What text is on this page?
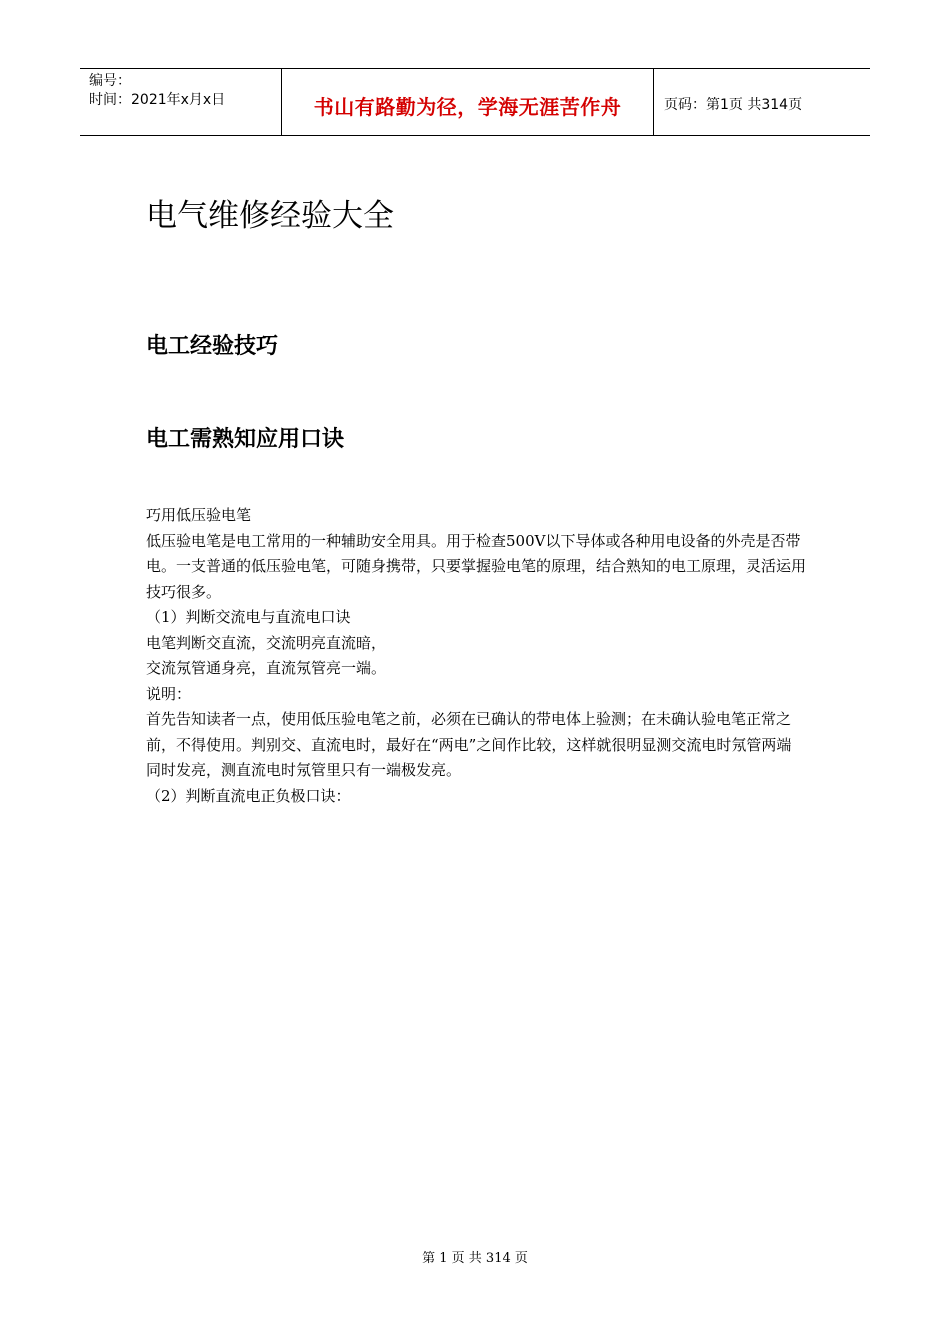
编号：
时间：2021年x月x日	书山有路勤为径，学海无涯苦作舟	页码：第1页 共314页
电气维修经验大全
电工经验技巧
电工需熟知应用口诀

巧用低压验电笔

低压验电笔是电工常用的一种辅助安全用具。用于检查500V以下导体或各种用电设备的外壳是否带电。一支普通的低压验电笔，可随身携带，只要掌握验电笔的原理，结合熟知的电工原理，灵活运用技巧很多。

（1）判断交流电与直流电口诀

电笔判断交直流，交流明亮直流暗，

交流氖管通身亮，直流氖管亮一端。

说明：

首先告知读者一点，使用低压验电笔之前，必须在已确认的带电体上验测；在未确认验电笔正常之前，不得使用。判别交、直流电时，最好在“两电”之间作比较，这样就很明显测交流电时氖管两端同时发亮，测直流电时氖管里只有一端极发亮。

（2）判断直流电正负极口诀：

第 1 页 共 314 页
